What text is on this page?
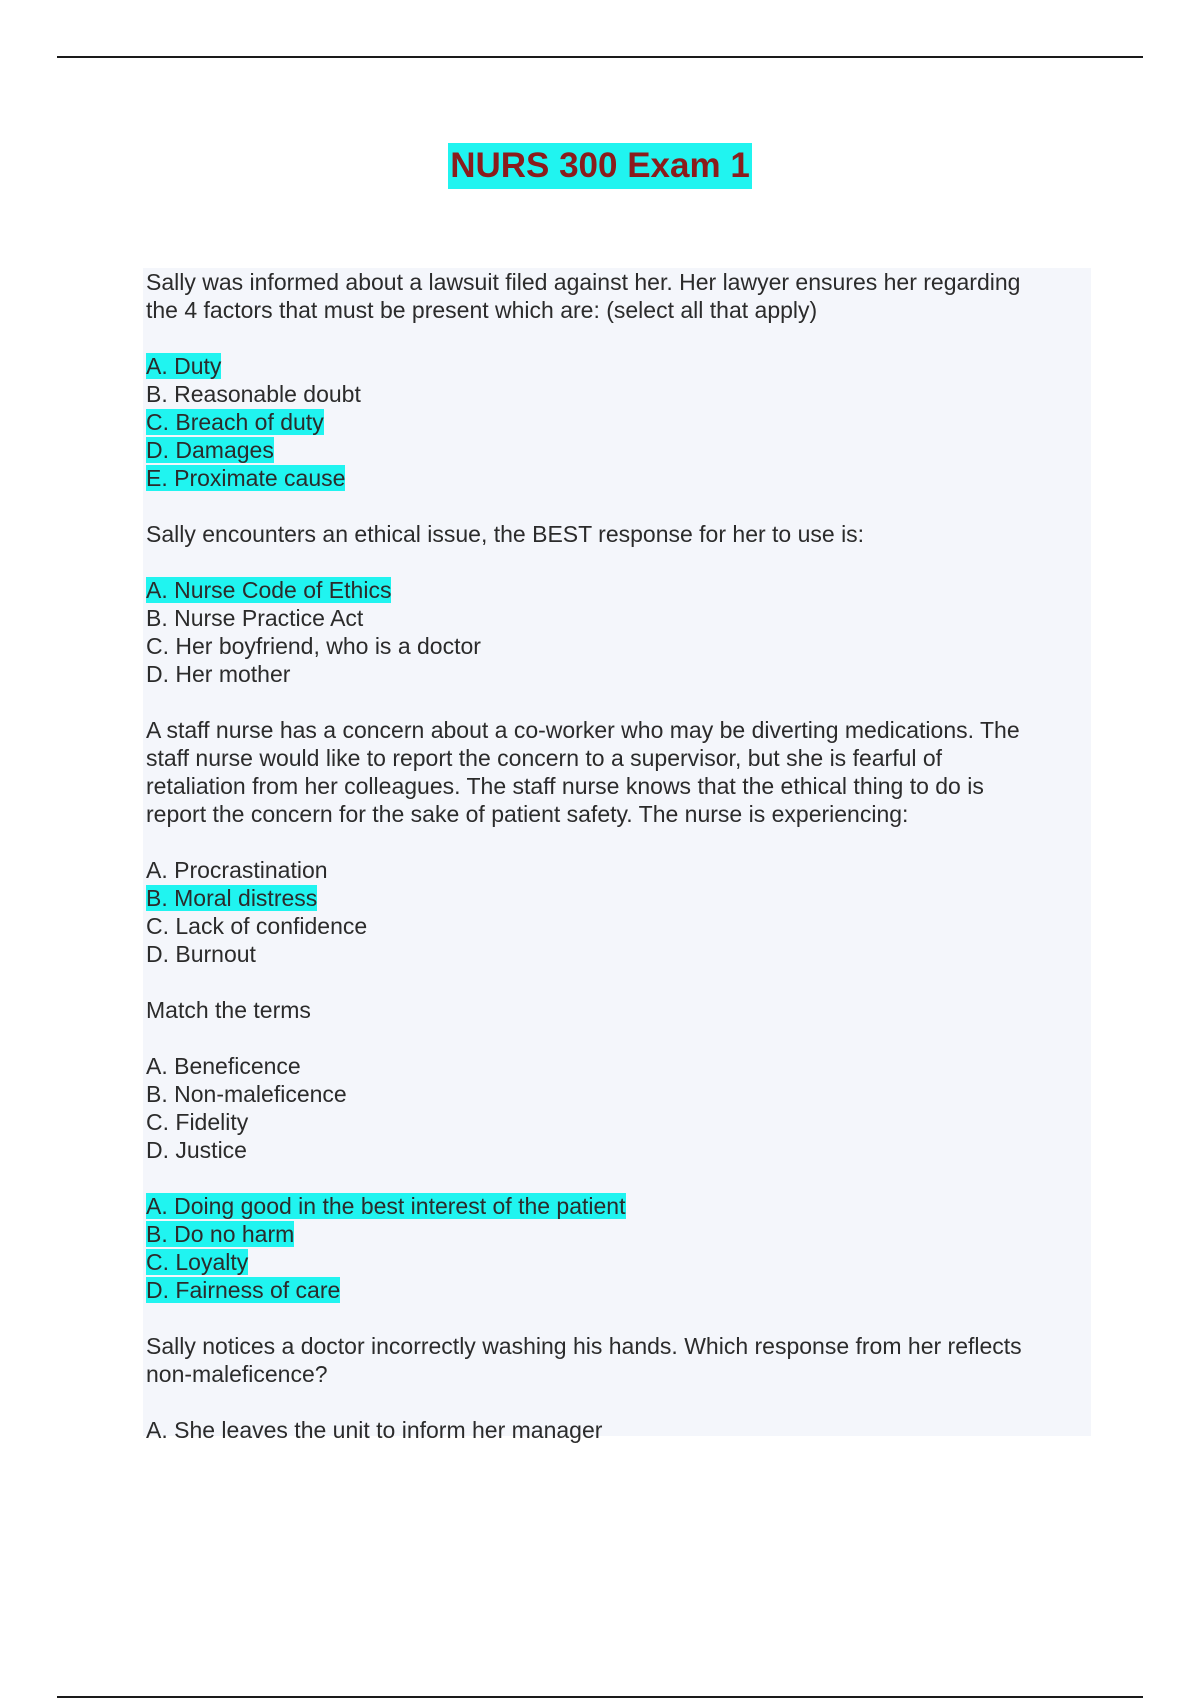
NURS 300 Exam 1
Sally was informed about a lawsuit filed against her. Her lawyer ensures her regarding
the 4 factors that must be present which are: (select all that apply)
A. Duty
B. Reasonable doubt
C. Breach of duty
D. Damages
E. Proximate cause
Sally encounters an ethical issue, the BEST response for her to use is:
A. Nurse Code of Ethics
B. Nurse Practice Act
C. Her boyfriend, who is a doctor
D. Her mother
A staff nurse has a concern about a co-worker who may be diverting medications. The
staff nurse would like to report the concern to a supervisor, but she is fearful of
retaliation from her colleagues. The staff nurse knows that the ethical thing to do is
report the concern for the sake of patient safety. The nurse is experiencing:
A. Procrastination
B. Moral distress
C. Lack of confidence
D. Burnout
Match the terms
A. Beneficence
B. Non-maleficence
C. Fidelity
D. Justice
A. Doing good in the best interest of the patient
B. Do no harm
C. Loyalty
D. Fairness of care
Sally notices a doctor incorrectly washing his hands. Which response from her reflects
non-maleficence?
A. She leaves the unit to inform her manager
